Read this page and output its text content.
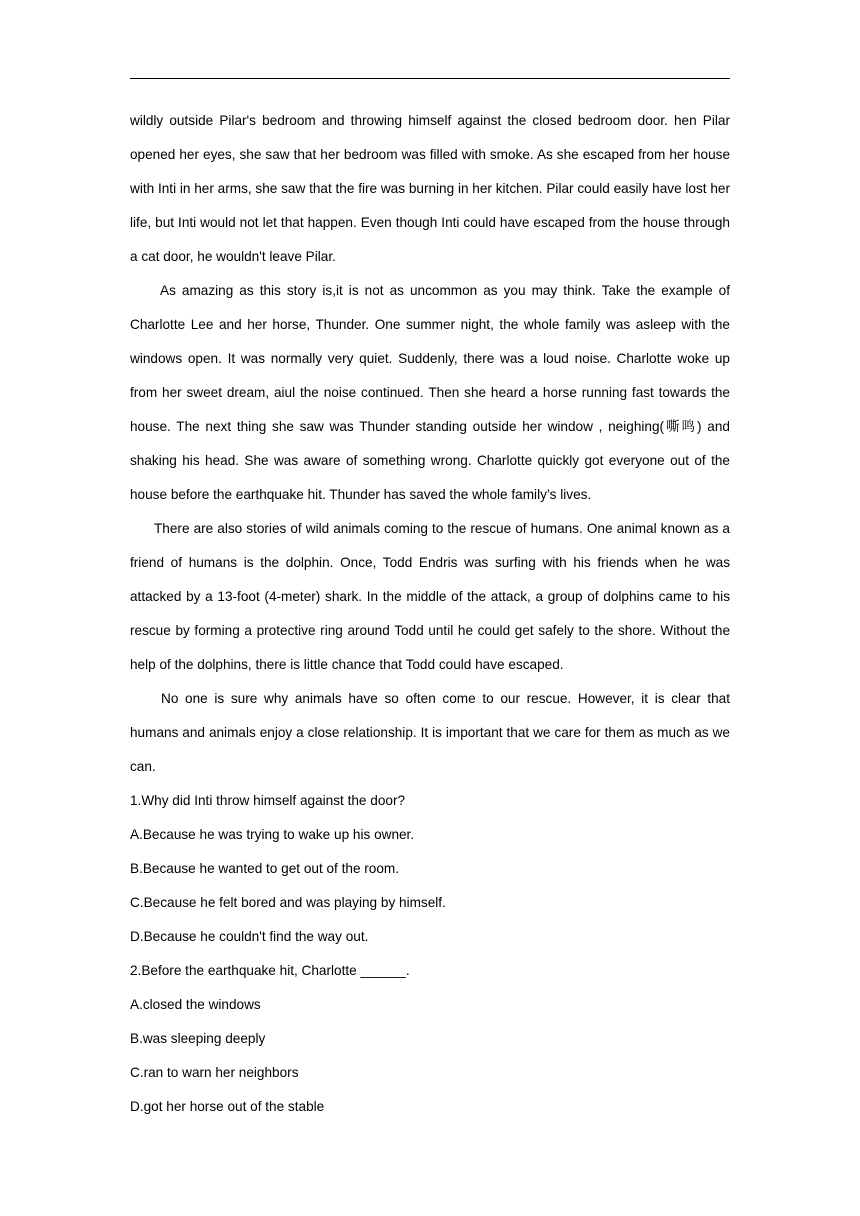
wildly outside Pilar's bedroom and throwing himself against the closed bedroom door. hen Pilar opened her eyes, she saw that her bedroom was filled with smoke. As she escaped from her house with Inti in her arms, she saw that the fire was burning in her kitchen. Pilar could easily have lost her life, but Inti would not let that happen. Even though Inti could have escaped from the house through a cat door, he wouldn't leave Pilar.

As amazing as this story is,it is not as uncommon as you may think. Take the example of Charlotte Lee and her horse, Thunder. One summer night, the whole family was asleep with the windows open. It was normally very quiet. Suddenly, there was a loud noise. Charlotte woke up from her sweet dream, aiul the noise continued. Then she heard a horse running fast towards the house. The next thing she saw was Thunder standing outside her window , neighing(嘶鸣) and shaking his head. She was aware of something wrong. Charlotte quickly got everyone out of the house before the earthquake hit. Thunder has saved the whole family’s lives.

There are also stories of wild animals coming to the rescue of humans. One animal known as a friend of humans is the dolphin. Once, Todd Endris was surfing with his friends when he was attacked by a 13-foot (4-meter) shark. In the middle of the attack, a group of dolphins came to his rescue by forming a protective ring around Todd until he could get safely to the shore. Without the help of the dolphins, there is little chance that Todd could have escaped.

No one is sure why animals have so often come to our rescue. However, it is clear that humans and animals enjoy a close relationship. It is important that we care for them as much as we can.

1.Why did Inti throw himself against the door?

A.Because he was trying to wake up his owner.

B.Because he wanted to get out of the room.

C.Because he felt bored and was playing by himself.

D.Because he couldn't find the way out.

2.Before the earthquake hit, Charlotte ______.

A.closed the windows

B.was sleeping deeply

C.ran to warn her neighbors

D.got her horse out of the stable
